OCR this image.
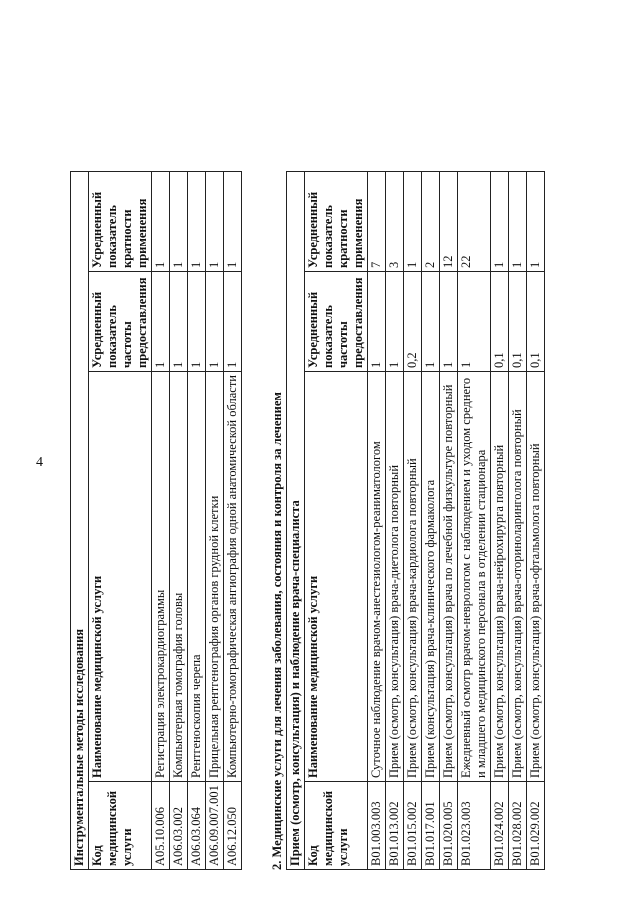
4
Инструментальные методы исследования			
Код медицинской услуги	Наименование медицинской услуги	Усредненный показатель частоты предоставления	Усредненный показатель кратности применения
A05.10.006	Регистрация электрокардиограммы	1	1
A06.03.002	Компьютерная томография головы	1	1
A06.03.064	Рентгеноскопия черепа	1	1
A06.09.007.001	Прицельная рентгенография органов грудной клетки	1	1
A06.12.050	Компьютерно-томографическая ангиография одной анатомической области	1	1
2. Медицинские услуги для лечения заболевания, состояния и контроля за лечением Прием (осмотр, консультация) и наблюдение врача-специалиста			
Код медицинской услуги	Наименование медицинской услуги	Усредненный показатель частоты предоставления	Усредненный показатель кратности применения
B01.003.003	Суточное наблюдение врачом-анестезиологом-реаниматологом	1	7
B01.013.002	Прием (осмотр, консультация) врача-диетолога повторный	1	3
B01.015.002	Прием (осмотр, консультация) врача-кардиолога повторный	0,2	1
B01.017.001	Прием (консультация) врача-клинического фармаколога	1	2
B01.020.005	Прием (осмотр, консультация) врача по лечебной физкультуре повторный	1	12
B01.023.003	Ежедневный осмотр врачом-неврологом с наблюдением и уходом среднего и младшего медицинского персонала в отделении стационара	1	22
B01.024.002	Прием (осмотр, консультация) врача-нейрохирурга повторный	0,1	1
B01.028.002	Прием (осмотр, консультация) врача-оториноларинголога повторный	0,1	1
B01.029.002	Прием (осмотр, консультация) врача-офтальмолога повторный	0,1	1
